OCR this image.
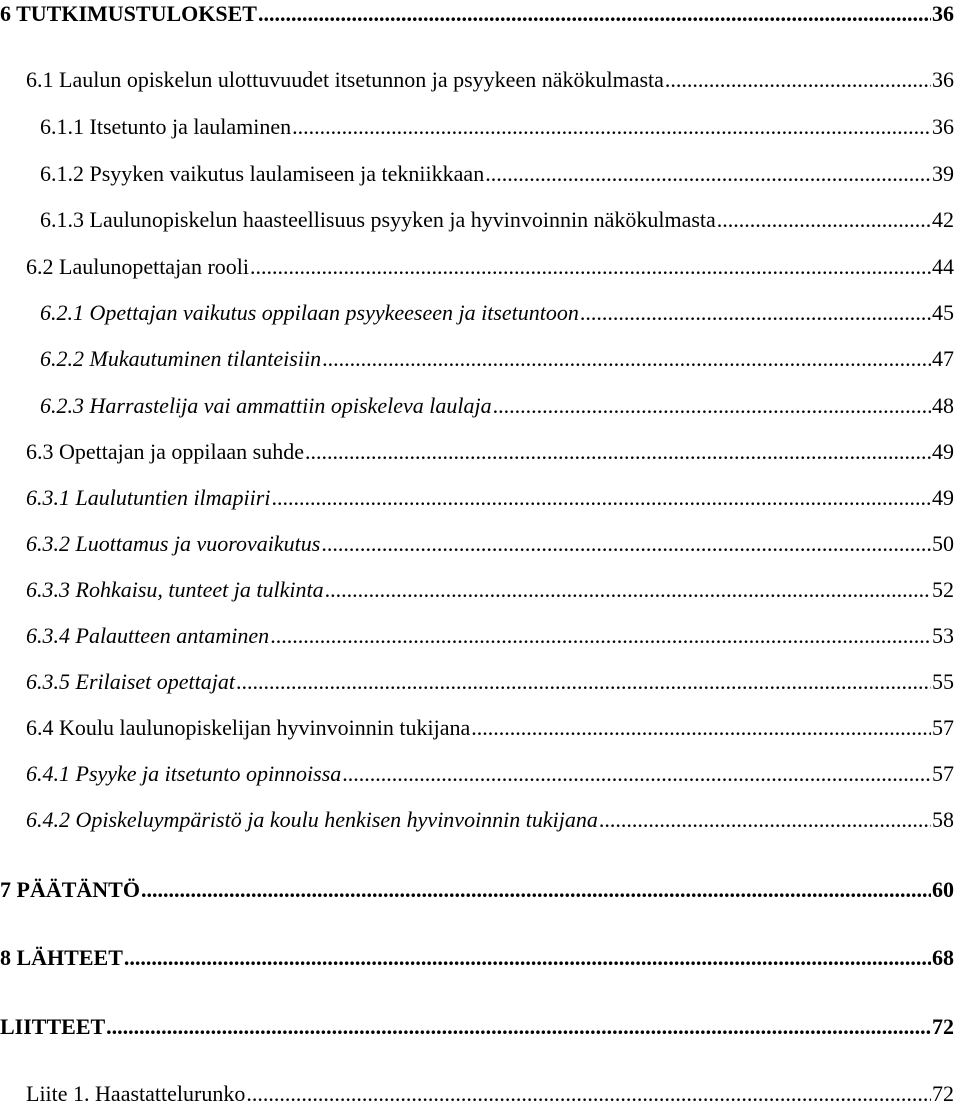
6 TUTKIMUSTULOKSET .....	36
6.1 Laulun opiskelun ulottuvuudet itsetunnon ja psyykeen näkökulmasta .....	36
6.1.1 Itsetunto ja laulaminen .....	36
6.1.2 Psyyken vaikutus laulamiseen ja tekniikkaan .....	39
6.1.3 Laulunopiskelun haasteellisuus psyyken ja hyvinvoinnin näkökulmasta .....	42
6.2 Laulunopettajan rooli .....	44
6.2.1 Opettajan vaikutus oppilaan psyykeeseen ja itsetuntoon .....	45
6.2.2 Mukautuminen tilanteisiin .....	47
6.2.3 Harrastelija vai ammattiin opiskeleva laulaja .....	48
6.3 Opettajan ja oppilaan suhde .....	49
6.3.1 Laulutuntien ilmapiiri .....	49
6.3.2 Luottamus ja vuorovaikutus .....	50
6.3.3 Rohkaisu, tunteet ja tulkinta .....	52
6.3.4 Palautteen antaminen .....	53
6.3.5 Erilaiset opettajat .....	55
6.4 Koulu laulunopiskelijan hyvinvoinnin tukijana .....	57
6.4.1 Psyyke ja itsetunto opinnoissa .....	57
6.4.2 Opiskeluympäristö ja koulu henkisen hyvinvoinnin tukijana .....	58
7 PÄÄTÄNTÖ .....	60
8 LÄHTEET .....	68
LIITTEET .....	72
Liite 1. Haastattelurunko .....	72
